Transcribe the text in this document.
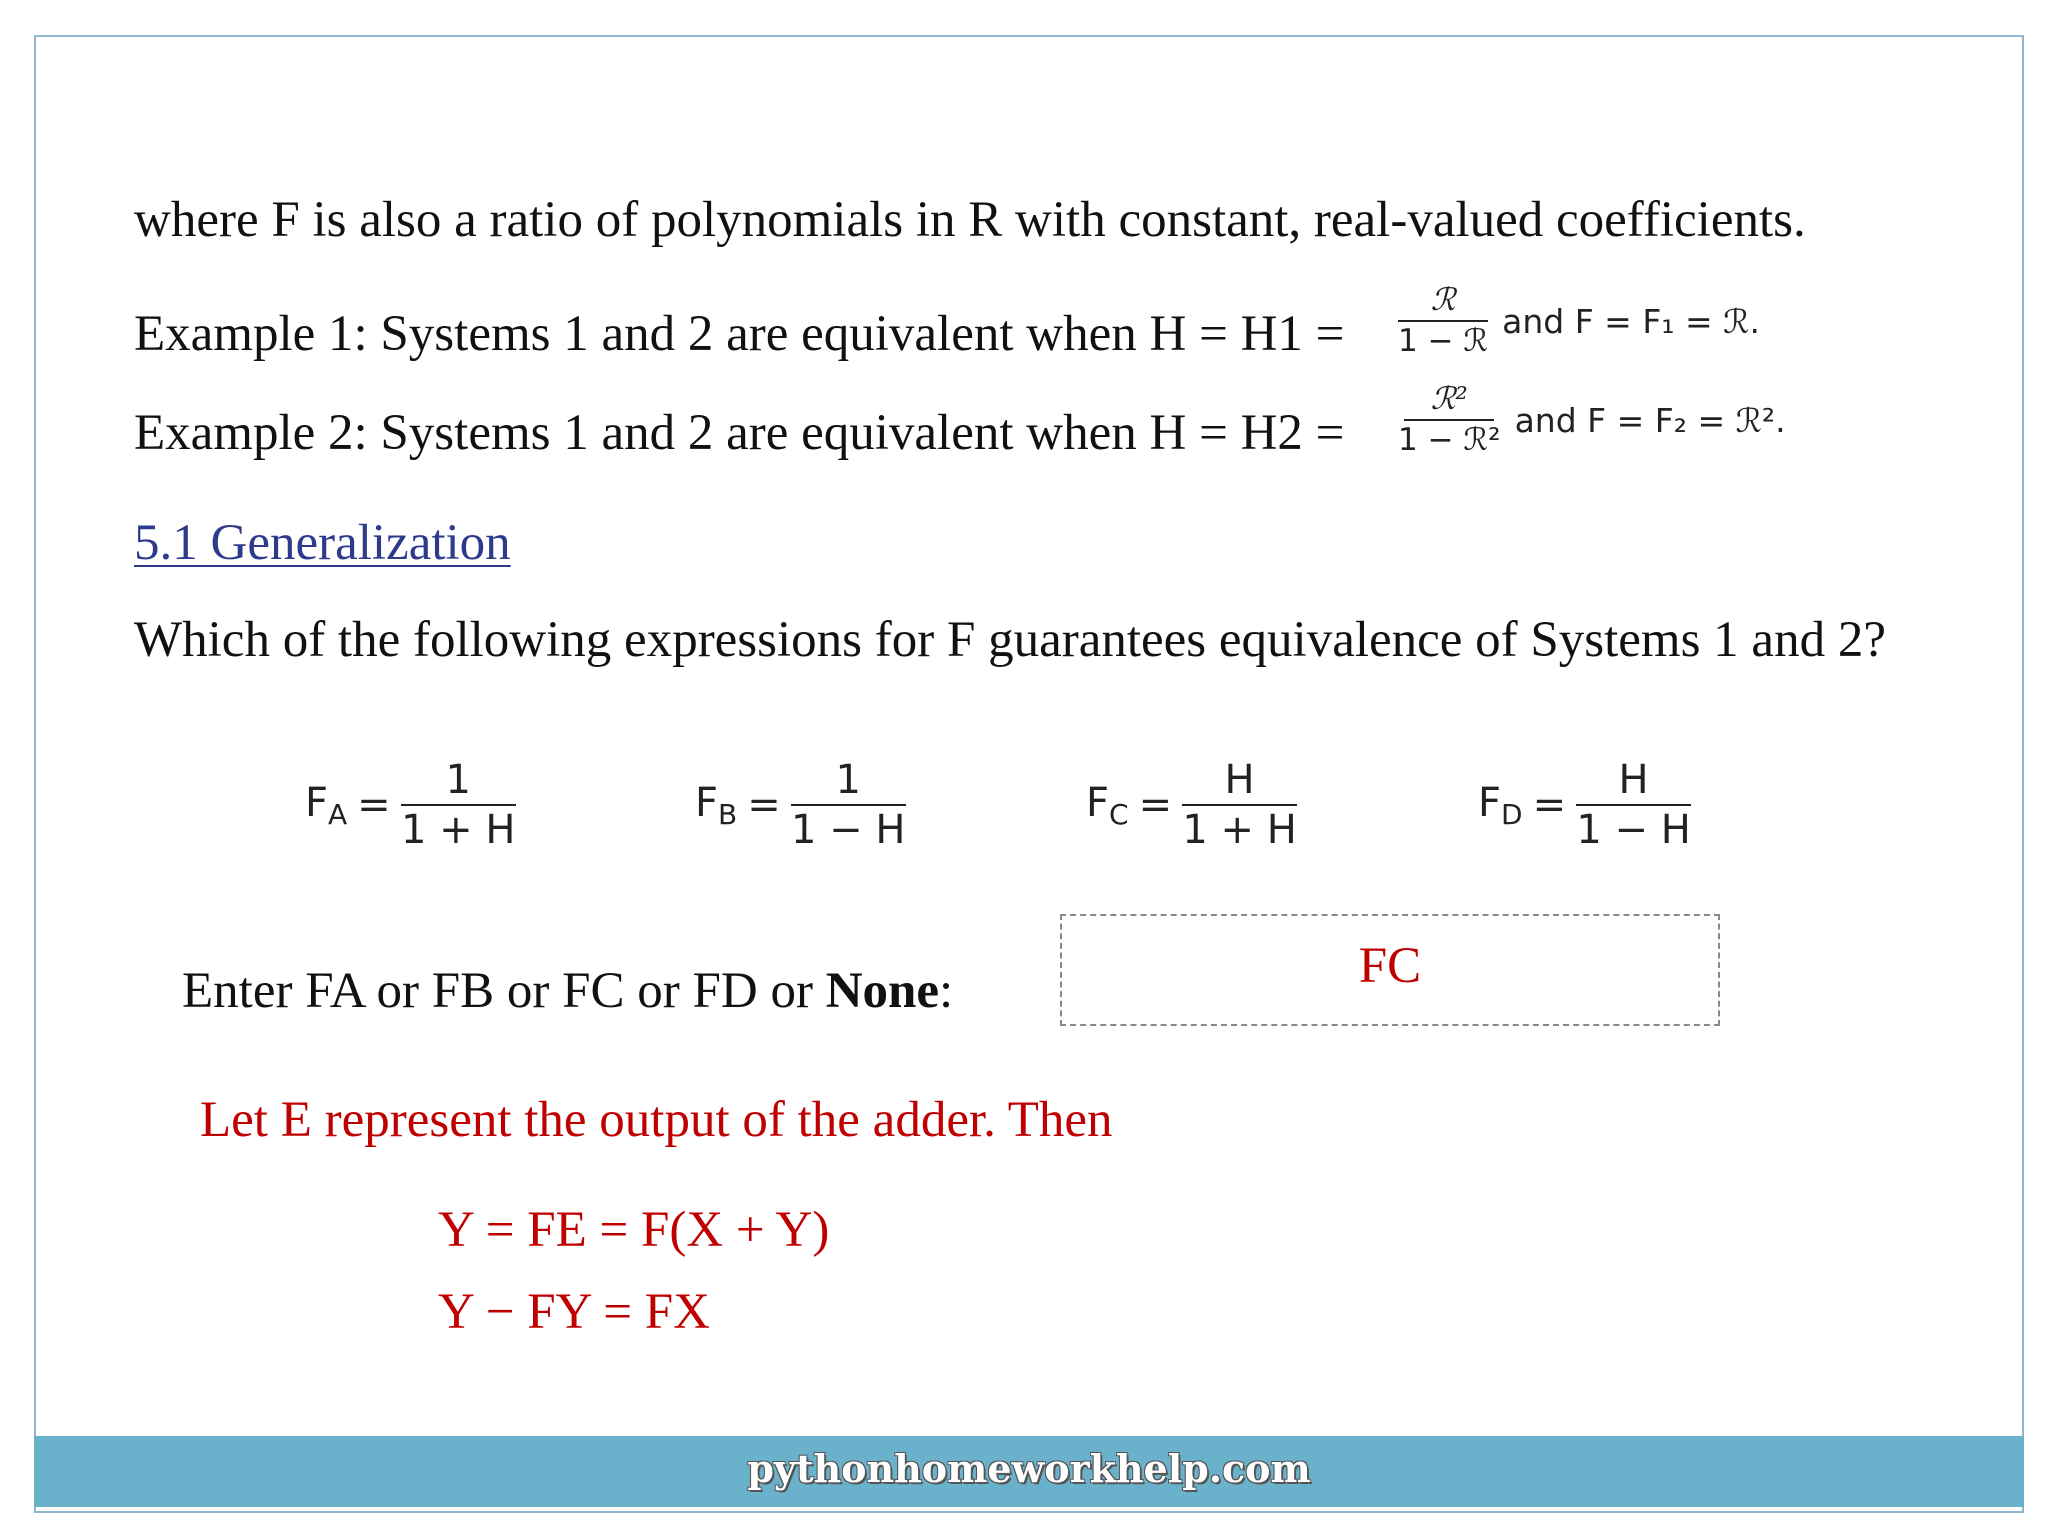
where F is also a ratio of polynomials in R with constant, real-valued coefficients.
Example 1: Systems 1 and 2 are equivalent when $H = H1 = \frac{\text{ℛ}}{\text{1 − ℛ}}$ and F = F₁ = ℛ.
Example 2: Systems 1 and 2 are equivalent when $H = H2 = \frac{\text{ℛ²}}{\text{1 − ℛ²}}$ and F = F₂ = ℛ².
5.1 Generalization
Which of the following expressions for F guarantees equivalence of Systems 1 and 2?
$F_A = \frac{1}{1 + H}$	$F_B = \frac{1}{1 - H}$	$F_C = \frac{H}{1 + H}$	$F_D = \frac{H}{1 - H}$
Enter FA or FB or FC or FD or None:	FC
Let E represent the output of the adder. Then
Y = FE = F(X + Y)
Y − FY = FX
pythonhomeworkhelp.com
